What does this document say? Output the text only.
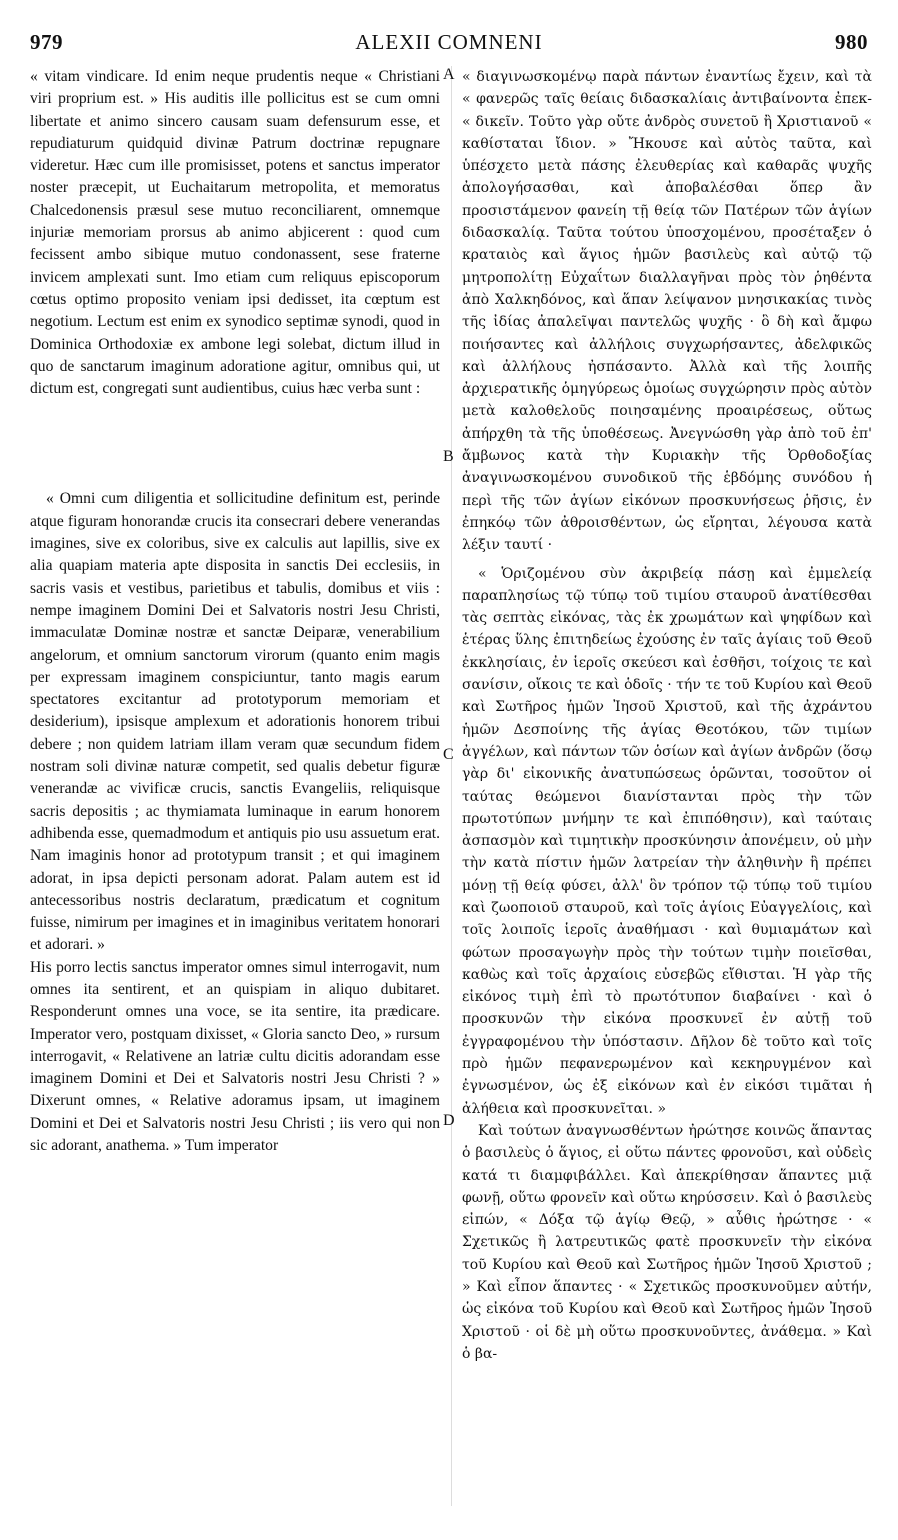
979	ALEXII COMNENI	980
A
B
C
D

« vitam vindicare. Id enim neque prudentis neque « Christiani viri proprium est. » His auditis ille pollicitus est se cum omni libertate et animo sincero causam suam defensurum esse, et repudiaturum quidquid divinæ Patrum doctrinæ repugnare videretur. Hæc cum ille promisisset, potens et sanctus imperator noster præcepit, ut Euchaitarum metropolita, et memoratus Chalcedonensis præsul sese mutuo reconciliarent, omnemque injuriæ memoriam prorsus ab animo abjicerent : quod cum fecissent ambo sibique mutuo condonassent, sese fraterne invicem amplexati sunt. Imo etiam cum reliquus episcoporum cœtus optimo proposito veniam ipsi dedisset, ita cœptum est negotium. Lectum est enim ex synodico septimæ synodi, quod in Dominica Orthodoxiæ ex ambone legi solebat, dictum illud in quo de sanctarum imaginum adoratione agitur, omnibus qui, ut dictum est, congregati sunt audientibus, cuius hæc verba sunt :

« Omni cum diligentia et sollicitudine definitum est, perinde atque figuram honorandæ crucis ita consecrari debere venerandas imagines, sive ex coloribus, sive ex calculis aut lapillis, sive ex alia quapiam materia apte disposita in sanctis Dei ecclesiis, in sacris vasis et vestibus, parietibus et tabulis, domibus et viis : nempe imaginem Domini Dei et Salvatoris nostri Jesu Christi, immaculatæ Dominæ nostræ et sanctæ Deiparæ, venerabilium angelorum, et omnium sanctorum virorum (quanto enim magis per expressam imaginem conspiciuntur, tanto magis earum spectatores excitantur ad prototyporum memoriam et desiderium), ipsisque amplexum et adorationis honorem tribui debere ; non quidem latriam illam veram quæ secundum fidem nostram soli divinæ naturæ competit, sed qualis debetur figuræ venerandæ ac vivificæ crucis, sanctis Evangeliis, reliquisque sacris depositis ; ac thymiamata luminaque in earum honorem adhibenda esse, quemadmodum et antiquis pio usu assuetum erat. Nam imaginis honor ad prototypum transit ; et qui imaginem adorat, in ipsa depicti personam adorat. Palam autem est id antecessoribus nostris declaratum, prædicatum et cognitum fuisse, nimirum per imagines et in imaginibus veritatem honorari et adorari. »

His porro lectis sanctus imperator omnes simul interrogavit, num omnes ita sentirent, et an quispiam in aliquo dubitaret. Responderunt omnes una voce, se ita sentire, ita prædicare. Imperator vero, postquam dixisset, « Gloria sancto Deo, » rursum interrogavit, « Relativene an latriæ cultu dicitis adorandam esse imaginem Domini et Dei et Salvatoris nostri Jesu Christi ? » Dixerunt omnes, « Relative adoramus ipsam, ut imaginem Domini et Dei et Salvatoris nostri Jesu Christi ; iis vero qui non sic adorant, anathema. » Tum imperator

« διαγινωσκομένῳ παρὰ πάντων ἐναντίως ἔχειν, καὶ τὰ « φανερῶς ταῖς θείαις διδασκαλίαις ἀντιβαίνοντα ἐπεκ- « δικεῖν. Τοῦτο γὰρ οὔτε ἀνδρὸς συνετοῦ ἢ Χριστιανοῦ « καθίσταται ἴδιον. » Ἤκουσε καὶ αὐτὸς ταῦτα, καὶ ὑπέσχετο μετὰ πάσης ἐλευθερίας καὶ καθαρᾶς ψυχῆς ἀπολογήσασθαι, καὶ ἀποβαλέσθαι ὅπερ ἂν προσιστάμενον φανείη τῇ θείᾳ τῶν Πατέρων τῶν ἁγίων διδασκαλίᾳ. Ταῦτα τούτου ὑποσχομένου, προσέταξεν ὁ κραταιὸς καὶ ἅγιος ἡμῶν βασιλεὺς καὶ αὐτῷ τῷ μητροπολίτῃ Εὐχαΐτων διαλλαγῆναι πρὸς τὸν ῥηθέντα ἀπὸ Χαλκηδόνος, καὶ ἅπαν λείψανον μνησικακίας τινὸς τῆς ἰδίας ἀπαλεῖψαι παντελῶς ψυχῆς · ὃ δὴ καὶ ἄμφω ποιήσαντες καὶ ἀλλήλοις συγχωρήσαντες, ἀδελφικῶς καὶ ἀλλήλους ἠσπάσαντο. Ἀλλὰ καὶ τῆς λοιπῆς ἀρχιερατικῆς ὁμηγύρεως ὁμοίως συγχώρησιν πρὸς αὐτὸν μετὰ καλοθελοῦς ποιησαμένης προαιρέσεως, οὕτως ἀπήρχθη τὰ τῆς ὑποθέσεως. Ἀνεγνώσθη γὰρ ἀπὸ τοῦ ἐπ' ἄμβωνος κατὰ τὴν Κυριακὴν τῆς Ὀρθοδοξίας ἀναγινωσκομένου συνοδικοῦ τῆς ἑβδόμης συνόδου ἡ περὶ τῆς τῶν ἁγίων εἰκόνων προσκυνήσεως ῥῆσις, ἐν ἐπηκόῳ τῶν ἀθροισθέντων, ὡς εἴρηται, λέγουσα κατὰ λέξιν ταυτί ·

« Ὁριζομένου σὺν ἀκριβείᾳ πάσῃ καὶ ἐμμελείᾳ παραπλησίως τῷ τύπῳ τοῦ τιμίου σταυροῦ ἀνατίθεσθαι τὰς σεπτὰς εἰκόνας, τὰς ἐκ χρωμάτων καὶ ψηφίδων καὶ ἑτέρας ὕλης ἐπιτηδείως ἐχούσης ἐν ταῖς ἁγίαις τοῦ Θεοῦ ἐκκλησίαις, ἐν ἱεροῖς σκεύεσι καὶ ἐσθῆσι, τοίχοις τε καὶ σανίσιν, οἴκοις τε καὶ ὁδοῖς · τήν τε τοῦ Κυρίου καὶ Θεοῦ καὶ Σωτῆρος ἡμῶν Ἰησοῦ Χριστοῦ, καὶ τῆς ἀχράντου ἡμῶν Δεσποίνης τῆς ἁγίας Θεοτόκου, τῶν τιμίων ἀγγέλων, καὶ πάντων τῶν ὁσίων καὶ ἁγίων ἀνδρῶν (ὅσῳ γὰρ δι' εἰκονικῆς ἀνατυπώσεως ὁρῶνται, τοσοῦτον οἱ ταύτας θεώμενοι διανίστανται πρὸς τὴν τῶν πρωτοτύπων μνήμην τε καὶ ἐπιπόθησιν), καὶ ταύταις ἀσπασμὸν καὶ τιμητικὴν προσκύνησιν ἀπονέμειν, οὐ μὴν τὴν κατὰ πίστιν ἡμῶν λατρείαν τὴν ἀληθινὴν ἣ πρέπει μόνῃ τῇ θείᾳ φύσει, ἀλλ' ὃν τρόπον τῷ τύπῳ τοῦ τιμίου καὶ ζωοποιοῦ σταυροῦ, καὶ τοῖς ἁγίοις Εὐαγγελίοις, καὶ τοῖς λοιποῖς ἱεροῖς ἀναθήμασι · καὶ θυμιαμάτων καὶ φώτων προσαγωγὴν πρὸς τὴν τούτων τιμὴν ποιεῖσθαι, καθὼς καὶ τοῖς ἀρχαίοις εὐσεβῶς εἴθισται. Ἡ γὰρ τῆς εἰκόνος τιμὴ ἐπὶ τὸ πρωτότυπον διαβαίνει · καὶ ὁ προσκυνῶν τὴν εἰκόνα προσκυνεῖ ἐν αὐτῇ τοῦ ἐγγραφομένου τὴν ὑπόστασιν. Δῆλον δὲ τοῦτο καὶ τοῖς πρὸ ἡμῶν πεφανερωμένον καὶ κεκηρυγμένον καὶ ἐγνωσμένον, ὡς ἐξ εἰκόνων καὶ ἐν εἰκόσι τιμᾶται ἡ ἀλήθεια καὶ προσκυνεῖται. »

Καὶ τούτων ἀναγνωσθέντων ἠρώτησε κοινῶς ἅπαντας ὁ βασιλεὺς ὁ ἅγιος, εἰ οὕτω πάντες φρονοῦσι, καὶ οὐδεὶς κατά τι διαμφιβάλλει. Καὶ ἀπεκρίθησαν ἅπαντες μιᾷ φωνῇ, οὕτω φρονεῖν καὶ οὕτω κηρύσσειν. Καὶ ὁ βασιλεὺς εἰπών, « Δόξα τῷ ἁγίῳ Θεῷ, » αὖθις ἠρώτησε · « Σχετικῶς ἢ λατρευτικῶς φατὲ προσκυνεῖν τὴν εἰκόνα τοῦ Κυρίου καὶ Θεοῦ καὶ Σωτῆρος ἡμῶν Ἰησοῦ Χριστοῦ ; » Καὶ εἶπον ἅπαντες · « Σχετικῶς προσκυνοῦμεν αὐτήν, ὡς εἰκόνα τοῦ Κυρίου καὶ Θεοῦ καὶ Σωτῆρος ἡμῶν Ἰησοῦ Χριστοῦ · οἱ δὲ μὴ οὕτω προσκυνοῦντες, ἀνάθεμα. » Καὶ ὁ βα-
